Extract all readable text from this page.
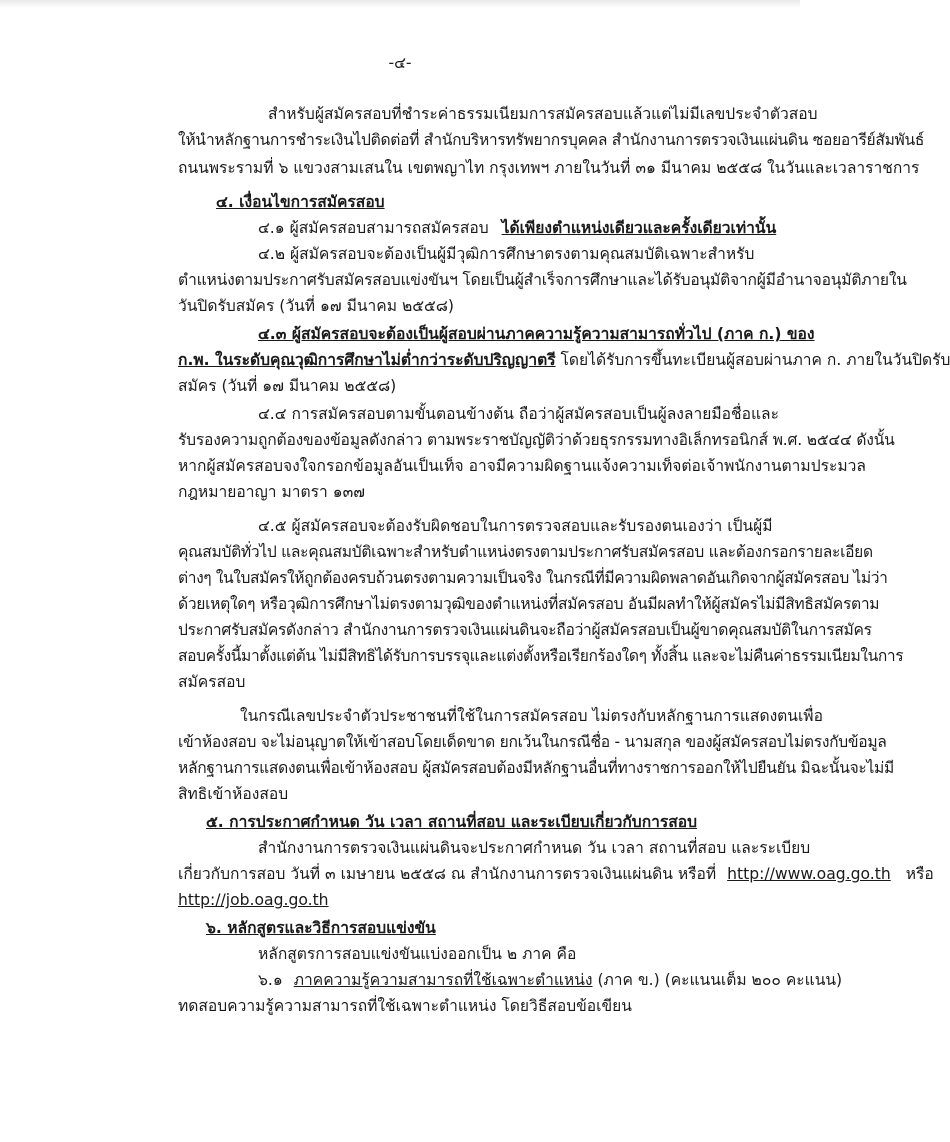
-๔-
สำหรับผู้สมัครสอบที่ชำระค่าธรรมเนียมการสมัครสอบแล้วแต่ไม่มีเลขประจำตัวสอบ
ให้นำหลักฐานการชำระเงินไปติดต่อที่ สำนักบริหารทรัพยากรบุคคล สำนักงานการตรวจเงินแผ่นดิน ซอยอารีย์สัมพันธ์
ถนนพระรามที่ ๖ แขวงสามเสนใน เขตพญาไท กรุงเทพฯ ภายในวันที่ ๓๑ มีนาคม ๒๕๕๘ ในวันและเวลาราชการ
๔. เงื่อนไขการสมัครสอบ
๔.๑ ผู้สมัครสอบสามารถสมัครสอบ ได้เพียงตำแหน่งเดียวและครั้งเดียวเท่านั้น
๔.๒ ผู้สมัครสอบจะต้องเป็นผู้มีวุฒิการศึกษาตรงตามคุณสมบัติเฉพาะสำหรับ
ตำแหน่งตามประกาศรับสมัครสอบแข่งขันฯ โดยเป็นผู้สำเร็จการศึกษาและได้รับอนุมัติจากผู้มีอำนาจอนุมัติภายใน
วันปิดรับสมัคร (วันที่ ๑๗ มีนาคม ๒๕๕๘)
๔.๓ ผู้สมัครสอบจะต้องเป็นผู้สอบผ่านภาคความรู้ความสามารถทั่วไป (ภาค ก.) ของ
ก.พ. ในระดับคุณวุฒิการศึกษาไม่ต่ำกว่าระดับปริญญาตรี โดยได้รับการขึ้นทะเบียนผู้สอบผ่านภาค ก. ภายในวันปิดรับ
สมัคร (วันที่ ๑๗ มีนาคม ๒๕๕๘)
๔.๔ การสมัครสอบตามขั้นตอนข้างต้น ถือว่าผู้สมัครสอบเป็นผู้ลงลายมือชื่อและ
รับรองความถูกต้องของข้อมูลดังกล่าว ตามพระราชบัญญัติว่าด้วยธุรกรรมทางอิเล็กทรอนิกส์ พ.ศ. ๒๕๔๔ ดังนั้น
หากผู้สมัครสอบจงใจกรอกข้อมูลอันเป็นเท็จ อาจมีความผิดฐานแจ้งความเท็จต่อเจ้าพนักงานตามประมวล
กฎหมายอาญา มาตรา ๑๓๗
๔.๕ ผู้สมัครสอบจะต้องรับผิดชอบในการตรวจสอบและรับรองตนเองว่า เป็นผู้มี
คุณสมบัติทั่วไป และคุณสมบัติเฉพาะสำหรับตำแหน่งตรงตามประกาศรับสมัครสอบ และต้องกรอกรายละเอียด
ต่างๆ ในใบสมัครให้ถูกต้องครบถ้วนตรงตามความเป็นจริง ในกรณีที่มีความผิดพลาดอันเกิดจากผู้สมัครสอบ ไม่ว่า
ด้วยเหตุใดๆ หรือวุฒิการศึกษาไม่ตรงตามวุฒิของตำแหน่งที่สมัครสอบ อันมีผลทำให้ผู้สมัครไม่มีสิทธิสมัครตาม
ประกาศรับสมัครดังกล่าว สำนักงานการตรวจเงินแผ่นดินจะถือว่าผู้สมัครสอบเป็นผู้ขาดคุณสมบัติในการสมัคร
สอบครั้งนี้มาตั้งแต่ต้น ไม่มีสิทธิได้รับการบรรจุและแต่งตั้งหรือเรียกร้องใดๆ ทั้งสิ้น และจะไม่คืนค่าธรรมเนียมในการ
สมัครสอบ
ในกรณีเลขประจำตัวประชาชนที่ใช้ในการสมัครสอบ ไม่ตรงกับหลักฐานการแสดงตนเพื่อ
เข้าห้องสอบ จะไม่อนุญาตให้เข้าสอบโดยเด็ดขาด ยกเว้นในกรณีชื่อ - นามสกุล ของผู้สมัครสอบไม่ตรงกับข้อมูล
หลักฐานการแสดงตนเพื่อเข้าห้องสอบ ผู้สมัครสอบต้องมีหลักฐานอื่นที่ทางราชการออกให้ไปยืนยัน มิฉะนั้นจะไม่มี
สิทธิเข้าห้องสอบ
๕. การประกาศกำหนด วัน เวลา สถานที่สอบ และระเบียบเกี่ยวกับการสอบ
สำนักงานการตรวจเงินแผ่นดินจะประกาศกำหนด วัน เวลา สถานที่สอบ และระเบียบ
เกี่ยวกับการสอบ วันที่ ๓ เมษายน ๒๕๕๘ ณ สำนักงานการตรวจเงินแผ่นดิน หรือที่ http://www.oag.go.th หรือ
http://job.oag.go.th
๖. หลักสูตรและวิธีการสอบแข่งขัน
หลักสูตรการสอบแข่งขันแบ่งออกเป็น ๒ ภาค คือ
๖.๑ ภาคความรู้ความสามารถที่ใช้เฉพาะตำแหน่ง (ภาค ข.) (คะแนนเต็ม ๒๐๐ คะแนน)
ทดสอบความรู้ความสามารถที่ใช้เฉพาะตำแหน่ง โดยวิธีสอบข้อเขียน
